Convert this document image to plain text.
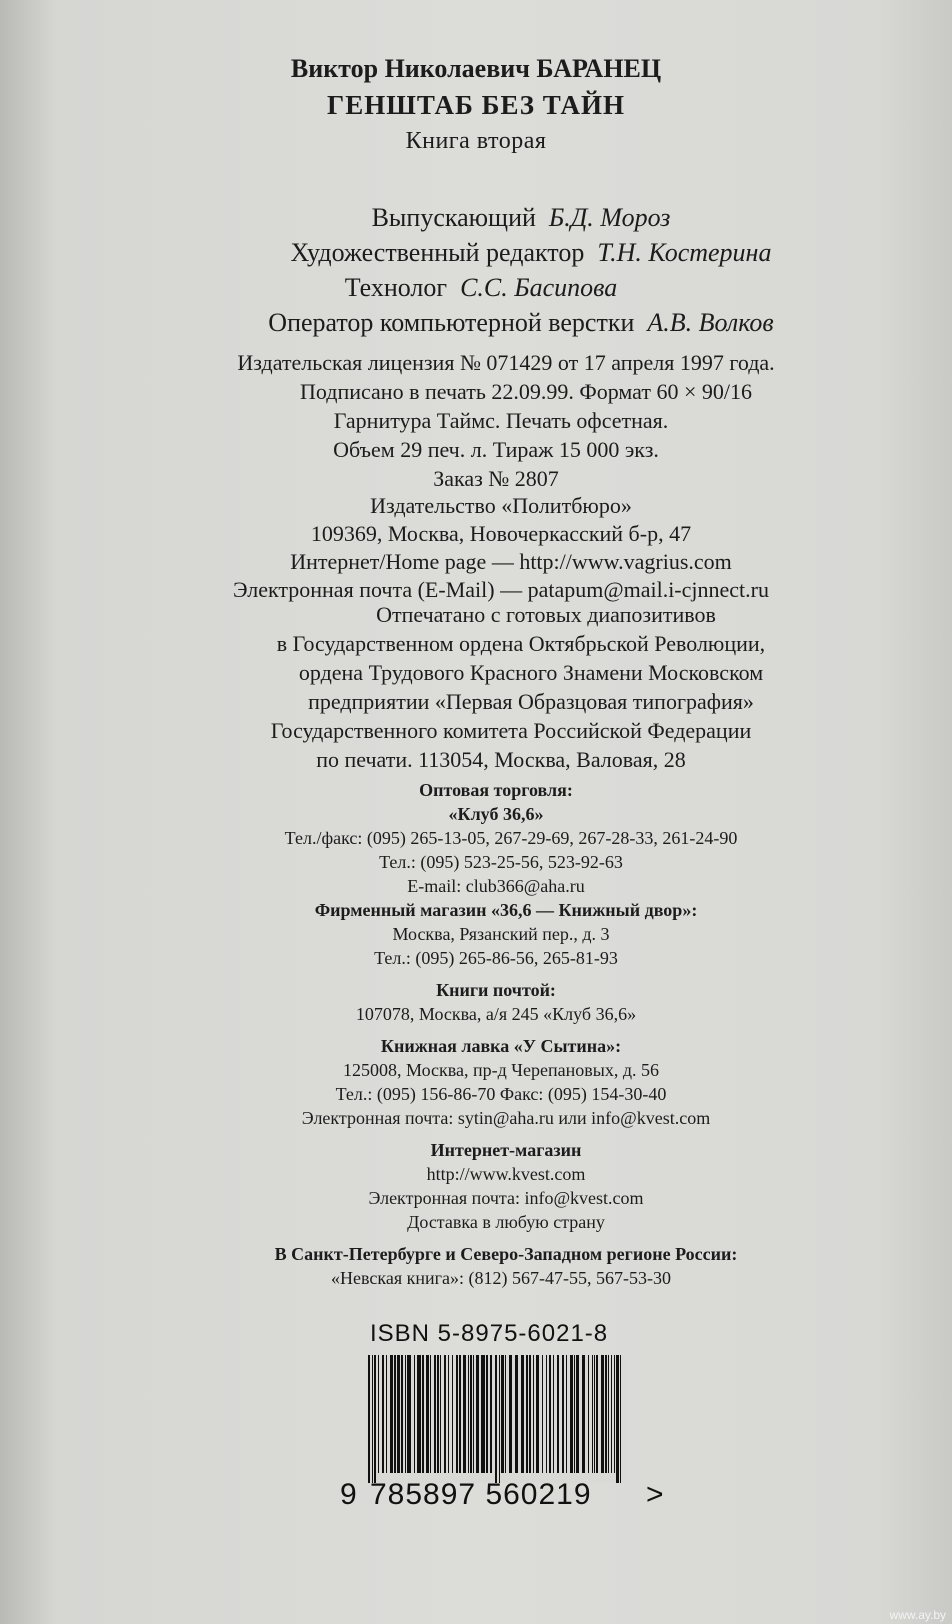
Виктор Николаевич БАРАНЕЦ
ГЕНШТАБ БЕЗ ТАЙН
Книга вторая
Выпускающий Б.Д. Мороз
Художественный редактор Т.Н. Костерина
Технолог С.С. Басипова
Оператор компьютерной верстки А.В. Волков
Издательская лицензия № 071429 от 17 апреля 1997 года.
Подписано в печать 22.09.99. Формат 60 × 90/16
Гарнитура Таймс. Печать офсетная.
Объем 29 печ. л. Тираж 15 000 экз.
Заказ № 2807
Издательство «Политбюро»
109369, Москва, Новочеркасский б-р, 47
Интернет/Home page — http://www.vagrius.com
Электронная почта (E-Mail) — patapum@mail.i-cjnnect.ru
Отпечатано с готовых диапозитивов
в Государственном ордена Октябрьской Революции,
ордена Трудового Красного Знамени Московском
предприятии «Первая Образцовая типография»
Государственного комитета Российской Федерации
по печати. 113054, Москва, Валовая, 28
Оптовая торговля:
«Клуб 36,6»
Тел./факс: (095) 265-13-05, 267-29-69, 267-28-33, 261-24-90
Тел.: (095) 523-25-56, 523-92-63
E-mail: club366@aha.ru
Фирменный магазин «36,6 — Книжный двор»:
Москва, Рязанский пер., д. 3
Тел.: (095) 265-86-56, 265-81-93
Книги почтой:
107078, Москва, а/я 245 «Клуб 36,6»
Книжная лавка «У Сытина»:
125008, Москва, пр-д Черепановых, д. 56
Тел.: (095) 156-86-70 Факс: (095) 154-30-40
Электронная почта: sytin@aha.ru или info@kvest.com
Интернет-магазин
http://www.kvest.com
Электронная почта: info@kvest.com
Доставка в любую страну
В Санкт-Петербурге и Северо-Западном регионе России:
«Невская книга»: (812) 567-47-55, 567-53-30
ISBN 5-8975-6021-8
9 785897 560219 >
www.ay.by
